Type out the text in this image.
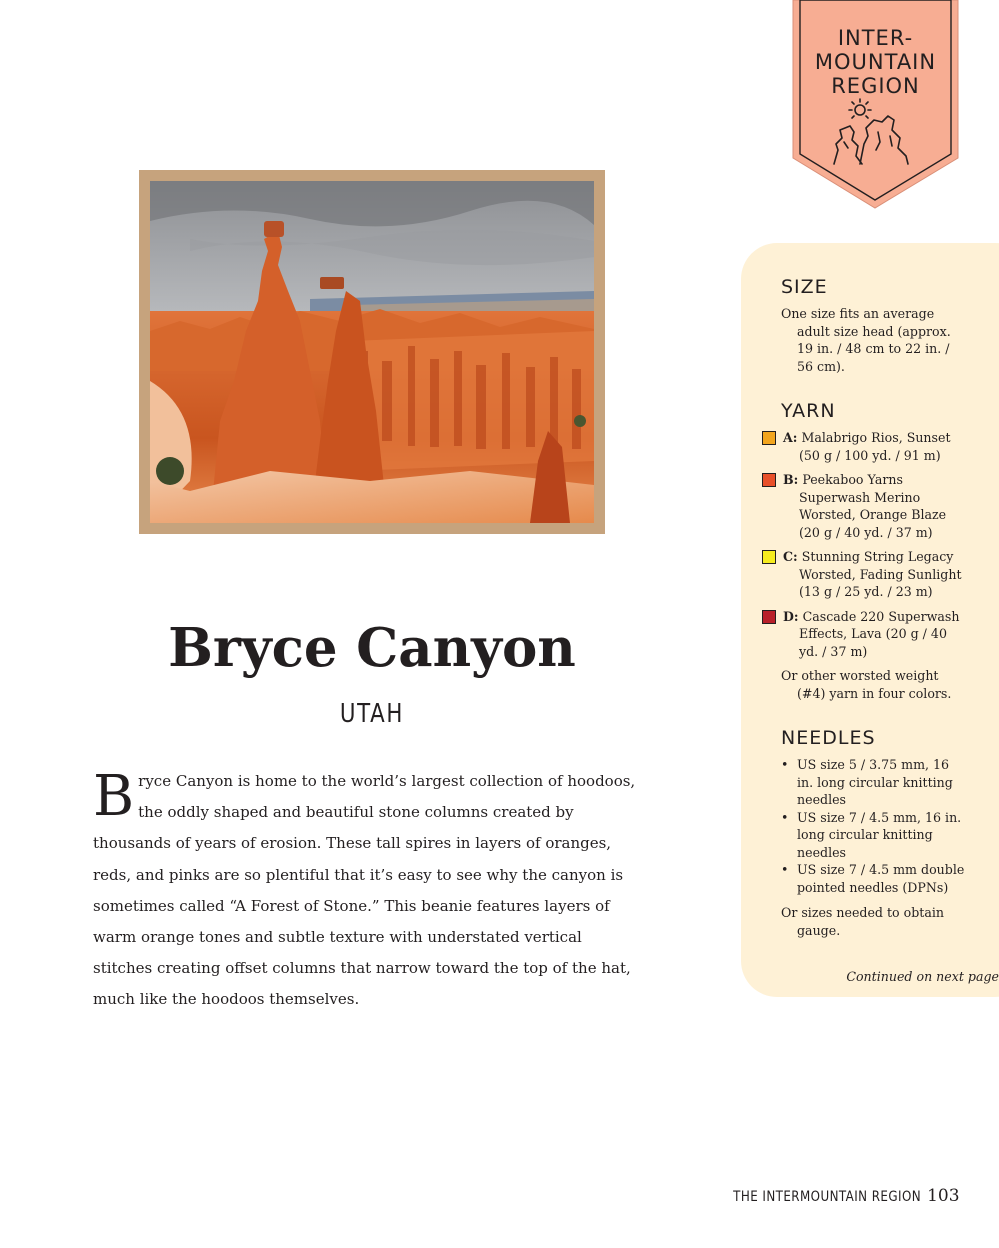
INTER-
MOUNTAIN
REGION
Bryce Canyon
UTAH
B ryce Canyon is home to the world’s largest collection of hoodoos, the oddly shaped and beautiful stone columns created by thousands of years of erosion. These tall spires in layers of oranges, reds, and pinks are so plentiful that it’s easy to see why the canyon is sometimes called “A Forest of Stone.” This beanie features layers of warm orange tones and subtle texture with understated vertical stitches creating offset columns that narrow toward the top of the hat, much like the hoodoos themselves.

SIZE

One size fits an average adult size head (approx. 19 in. / 48 cm to 22 in. / 56 cm).

YARN
A: Malabrigo Rios, Sunset (50 g / 100 yd. / 91 m)
B: Peekaboo Yarns Superwash Merino Worsted, Orange Blaze (20 g / 40 yd. / 37 m)
C: Stunning String Legacy Worsted, Fading Sunlight (13 g / 25 yd. / 23 m)
D: Cascade 220 Superwash Effects, Lava (20 g / 40 yd. / 37 m)

Or other worsted weight (#4) yarn in four colors.

NEEDLES
• US size 5 / 3.75 mm, 16 in. long circular knitting needles
• US size 7 / 4.5 mm, 16 in. long circular knitting needles
• US size 7 / 4.5 mm double pointed needles (DPNs)

Or sizes needed to obtain gauge.

Continued on next page
THE INTERMOUNTAIN REGION 103
